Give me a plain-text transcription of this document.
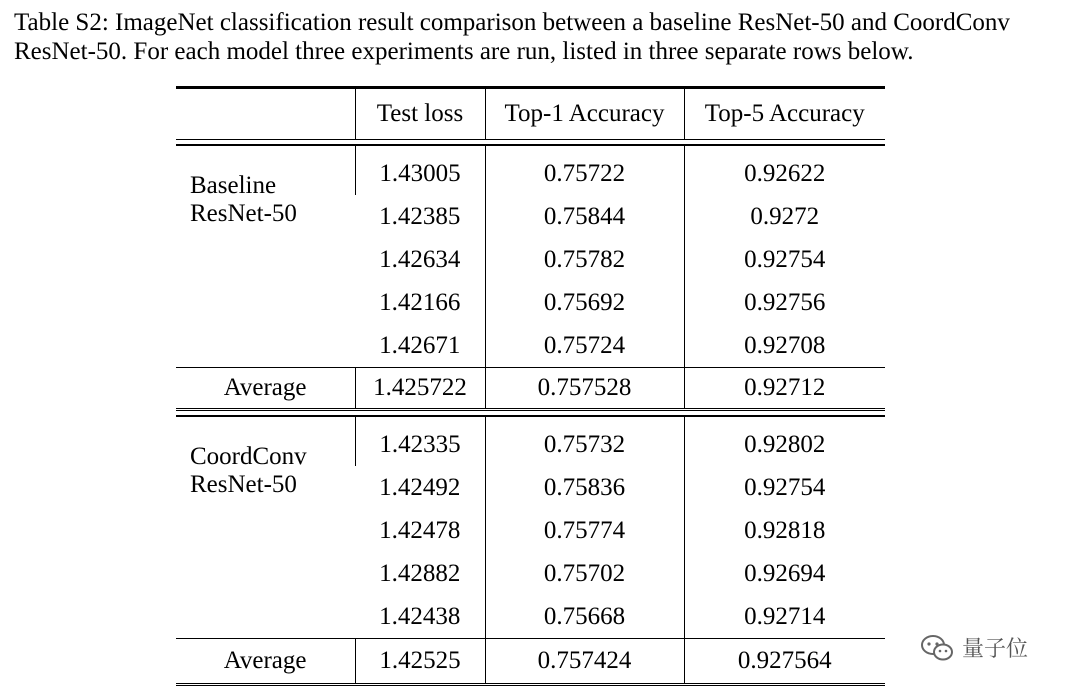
Table S2: ImageNet classification result comparison between a baseline ResNet-50 and CoordConv
ResNet-50. For each model three experiments are run, listed in three separate rows below.
	Test loss	Top-1 Accuracy	Top-5 Accuracy

Baseline
ResNet-50	1.43005	0.75722	0.92622
	1.42385	0.75844	0.9272
	1.42634	0.75782	0.92754
	1.42166	0.75692	0.92756
	1.42671	0.75724	0.92708
Average	1.425722	0.757528	0.92712

CoordConv
ResNet-50	1.42335	0.75732	0.92802
	1.42492	0.75836	0.92754
	1.42478	0.75774	0.92818
	1.42882	0.75702	0.92694
	1.42438	0.75668	0.92714
Average	1.42525	0.757424	0.927564	量子位
